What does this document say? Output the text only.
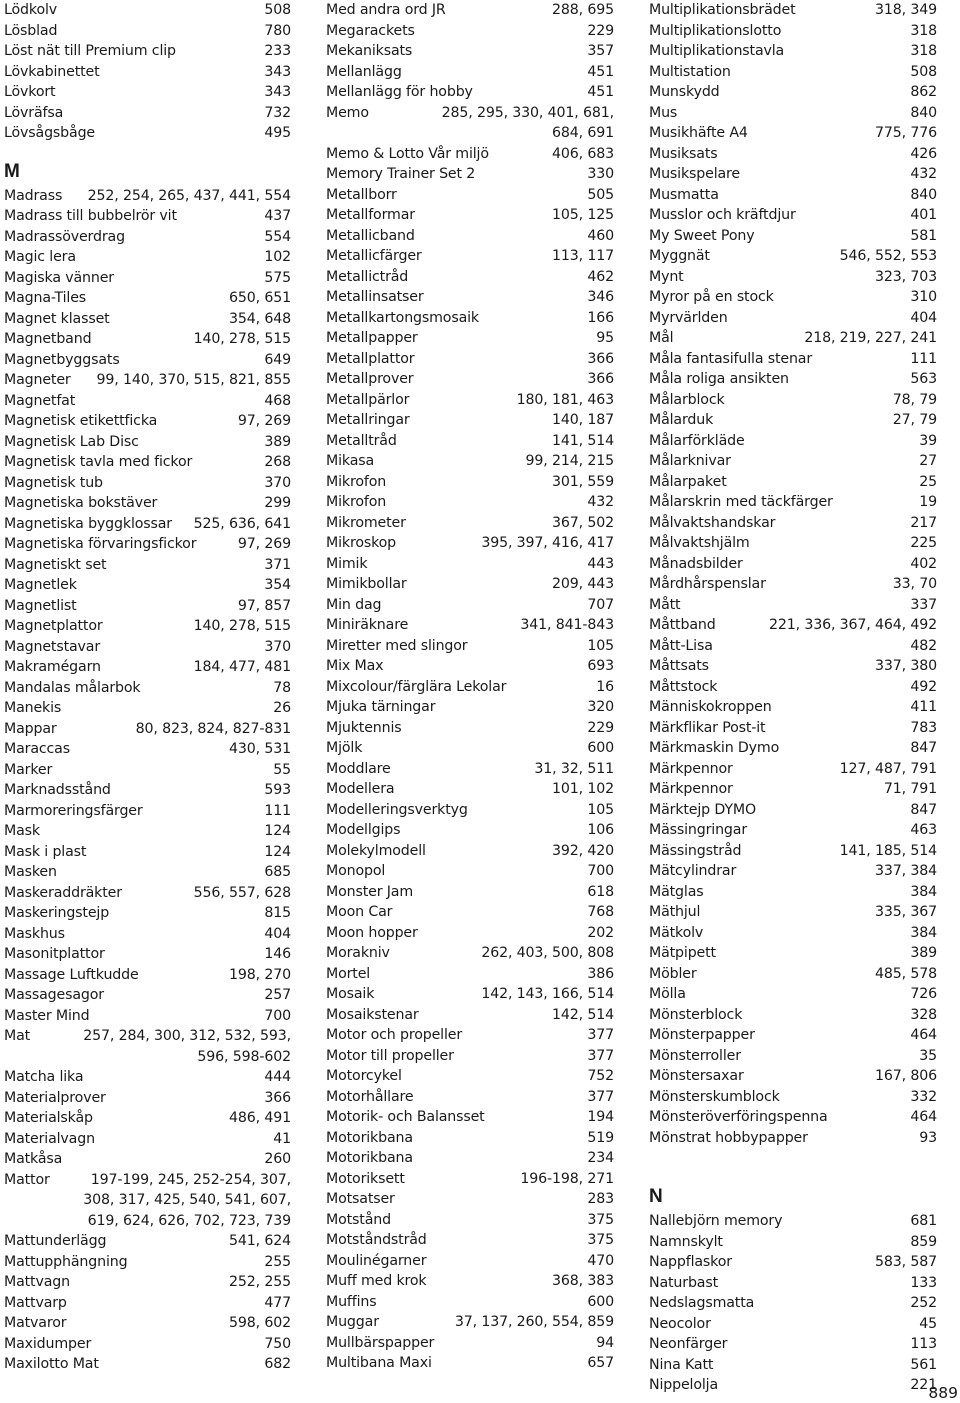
Lödkolv	508
Lösblad	780
Löst nät till Premium clip	233
Lövkabinettet	343
Lövkort	343
Lövräfsa	732
Lövsågsbåge	495
M
Madrass	252, 254, 265, 437, 441, 554
Madrass till bubbelrör vit	437
Madrassöverdrag	554
Magic lera	102
Magiska vänner	575
Magna-Tiles	650, 651
Magnet klasset	354, 648
Magnetband	140, 278, 515
Magnetbyggsats	649
Magneter	99, 140, 370, 515, 821, 855
Magnetfat	468
Magnetisk etikettficka	97, 269
Magnetisk Lab Disc	389
Magnetisk tavla med fickor	268
Magnetisk tub	370
Magnetiska bokstäver	299
Magnetiska byggklossar	525, 636, 641
Magnetiska förvaringsfickor	97, 269
Magnetiskt set	371
Magnetlek	354
Magnetlist	97, 857
Magnetplattor	140, 278, 515
Magnetstavar	370
Makramégarn	184, 477, 481
Mandalas målarbok	78
Manekis	26
Mappar	80, 823, 824, 827-831
Maraccas	430, 531
Marker	55
Marknadsstånd	593
Marmoreringsfärger	111
Mask	124
Mask i plast	124
Masken	685
Maskeraddräkter	556, 557, 628
Maskeringstejp	815
Maskhus	404
Masonitplattor	146
Massage Luftkudde	198, 270
Massagesagor	257
Master Mind	700
Mat	257, 284, 300, 312, 532, 593,
596, 598-602
Matcha lika	444
Materialprover	366
Materialskåp	486, 491
Materialvagn	41
Matkåsa	260
Mattor	197-199, 245, 252-254, 307,
308, 317, 425, 540, 541, 607,
619, 624, 626, 702, 723, 739
Mattunderlägg	541, 624
Mattupphängning	255
Mattvagn	252, 255
Mattvarp	477
Matvaror	598, 602
Maxidumper	750
Maxilotto Mat	682
Med andra ord JR	288, 695
Megarackets	229
Mekaniksats	357
Mellanlägg	451
Mellanlägg för hobby	451
Memo	285, 295, 330, 401, 681,
684, 691
Memo & Lotto Vår miljö	406, 683
Memory Trainer Set 2	330
Metallborr	505
Metallformar	105, 125
Metallicband	460
Metallicfärger	113, 117
Metallictråd	462
Metallinsatser	346
Metallkartongsmosaik	166
Metallpapper	95
Metallplattor	366
Metallprover	366
Metallpärlor	180, 181, 463
Metallringar	140, 187
Metalltråd	141, 514
Mikasa	99, 214, 215
Mikrofon	301, 559
Mikrofon	432
Mikrometer	367, 502
Mikroskop	395, 397, 416, 417
Mimik	443
Mimikbollar	209, 443
Min dag	707
Miniräknare	341, 841-843
Miretter med slingor	105
Mix Max	693
Mixcolour/färglära Lekolar	16
Mjuka tärningar	320
Mjuktennis	229
Mjölk	600
Moddlare	31, 32, 511
Modellera	101, 102
Modelleringsverktyg	105
Modellgips	106
Molekylmodell	392, 420
Monopol	700
Monster Jam	618
Moon Car	768
Moon hopper	202
Morakniv	262, 403, 500, 808
Mortel	386
Mosaik	142, 143, 166, 514
Mosaikstenar	142, 514
Motor och propeller	377
Motor till propeller	377
Motorcykel	752
Motorhållare	377
Motorik- och Balansset	194
Motorikbana	519
Motorikbana	234
Motoriksett	196-198, 271
Motsatser	283
Motstånd	375
Motståndstråd	375
Moulinégarner	470
Muff med krok	368, 383
Muffins	600
Muggar	37, 137, 260, 554, 859
Mullbärspapper	94
Multibana Maxi	657
Multiplikationsbrädet	318, 349
Multiplikationslotto	318
Multiplikationstavla	318
Multistation	508
Munskydd	862
Mus	840
Musikhäfte A4	775, 776
Musiksats	426
Musikspelare	432
Musmatta	840
Musslor och kräftdjur	401
My Sweet Pony	581
Myggnät	546, 552, 553
Mynt	323, 703
Myror på en stock	310
Myrvärlden	404
Mål	218, 219, 227, 241
Måla fantasifulla stenar	111
Måla roliga ansikten	563
Målarblock	78, 79
Målarduk	27, 79
Målarförkläde	39
Målarknivar	27
Målarpaket	25
Målarskrin med täckfärger	19
Målvaktshandskar	217
Målvaktshjälm	225
Månadsbilder	402
Mårdhårspenslar	33, 70
Mått	337
Måttband	221, 336, 367, 464, 492
Mått-Lisa	482
Måttsats	337, 380
Måttstock	492
Människokroppen	411
Märkflikar Post-it	783
Märkmaskin Dymo	847
Märkpennor	127, 487, 791
Märkpennor	71, 791
Märktejp DYMO	847
Mässingringar	463
Mässingstråd	141, 185, 514
Mätcylindrar	337, 384
Mätglas	384
Mäthjul	335, 367
Mätkolv	384
Mätpipett	389
Möbler	485, 578
Mölla	726
Mönsterblock	328
Mönsterpapper	464
Mönsterroller	35
Mönstersaxar	167, 806
Mönsterskumblock	332
Mönsteröverföringspenna	464
Mönstrat hobbypapper	93
N
Nallebjörn memory	681
Namnskylt	859
Nappflaskor	583, 587
Naturbast	133
Nedslagsmatta	252
Neocolor	45
Neonfärger	113
Nina Katt	561
Nippelolja	221
889
